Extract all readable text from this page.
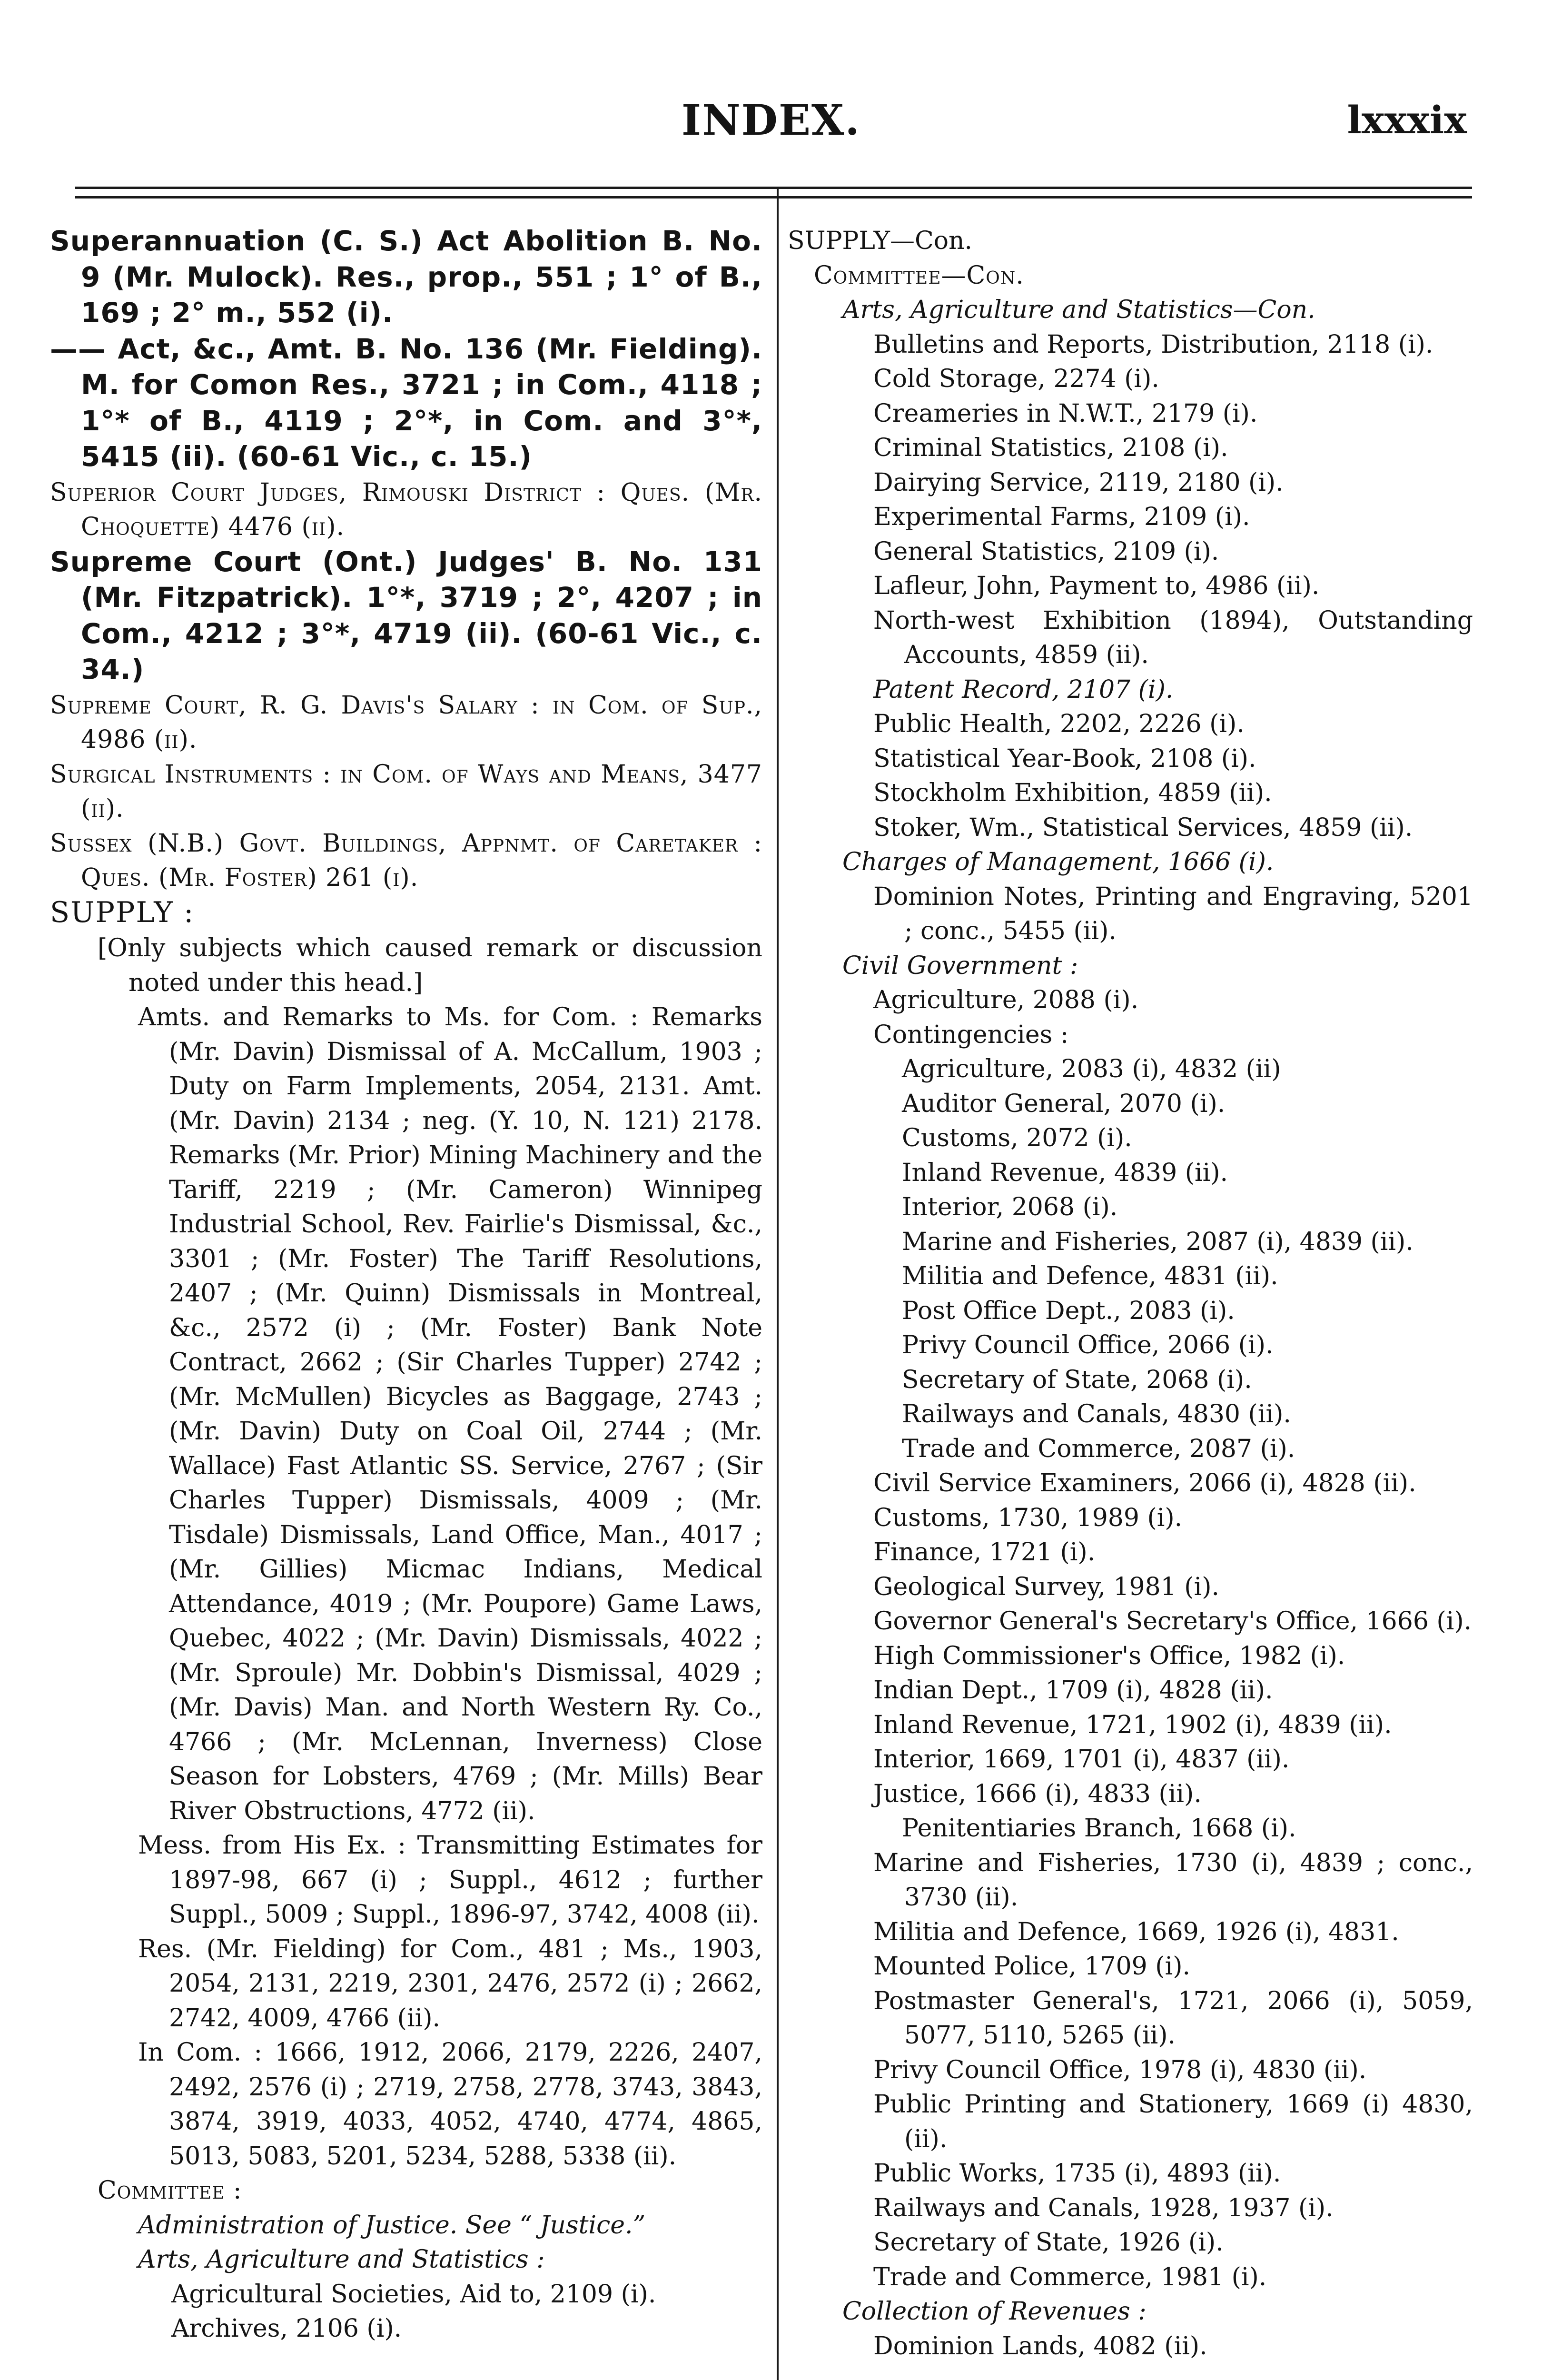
INDEX.	lxxxix
Superannuation (C. S.) Act Abolition B. No. 9 (Mr. Mulock). Res., prop., 551 ; 1° of B., 169 ; 2° m., 552 (i).
—— Act, &c., Amt. B. No. 136 (Mr. Fielding). M. for Comon Res., 3721 ; in Com., 4118 ; 1°* of B., 4119 ; 2°*, in Com. and 3°*, 5415 (ii). (60-61 Vic., c. 15.)
Superior Court Judges, Rimouski District : Ques. (Mr. Choquette) 4476 (ii).
Supreme Court (Ont.) Judges' B. No. 131 (Mr. Fitzpatrick). 1°*, 3719 ; 2°, 4207 ; in Com., 4212 ; 3°*, 4719 (ii). (60-61 Vic., c. 34.)
Supreme Court, R. G. Davis's Salary : in Com. of Sup., 4986 (ii).
Surgical Instruments : in Com. of Ways and Means, 3477 (ii).
Sussex (N.B.) Govt. Buildings, Appnmt. of Caretaker : Ques. (Mr. Foster) 261 (i).
SUPPLY :
[Only subjects which caused remark or discussion noted under this head.]
Amts. and Remarks to Ms. for Com. : Remarks (Mr. Davin) Dismissal of A. McCallum, 1903 ; Duty on Farm Implements, 2054, 2131. Amt. (Mr. Davin) 2134 ; neg. (Y. 10, N. 121) 2178. Remarks (Mr. Prior) Mining Machinery and the Tariff, 2219 ; (Mr. Cameron) Winnipeg Industrial School, Rev. Fairlie's Dismissal, &c., 3301 ; (Mr. Foster) The Tariff Resolutions, 2407 ; (Mr. Quinn) Dismissals in Montreal, &c., 2572 (i) ; (Mr. Foster) Bank Note Contract, 2662 ; (Sir Charles Tupper) 2742 ; (Mr. McMullen) Bicycles as Baggage, 2743 ; (Mr. Davin) Duty on Coal Oil, 2744 ; (Mr. Wallace) Fast Atlantic SS. Service, 2767 ; (Sir Charles Tupper) Dismissals, 4009 ; (Mr. Tisdale) Dismissals, Land Office, Man., 4017 ; (Mr. Gillies) Micmac Indians, Medical Attendance, 4019 ; (Mr. Poupore) Game Laws, Quebec, 4022 ; (Mr. Davin) Dismissals, 4022 ; (Mr. Sproule) Mr. Dobbin's Dismissal, 4029 ; (Mr. Davis) Man. and North Western Ry. Co., 4766 ; (Mr. McLennan, Inverness) Close Season for Lobsters, 4769 ; (Mr. Mills) Bear River Obstructions, 4772 (ii).
Mess. from His Ex. : Transmitting Estimates for 1897-98, 667 (i) ; Suppl., 4612 ; further Suppl., 5009 ; Suppl., 1896-97, 3742, 4008 (ii).
Res. (Mr. Fielding) for Com., 481 ; Ms., 1903, 2054, 2131, 2219, 2301, 2476, 2572 (i) ; 2662, 2742, 4009, 4766 (ii).
In Com. : 1666, 1912, 2066, 2179, 2226, 2407, 2492, 2576 (i) ; 2719, 2758, 2778, 3743, 3843, 3874, 3919, 4033, 4052, 4740, 4774, 4865, 5013, 5083, 5201, 5234, 5288, 5338 (ii).
Committee :
Administration of Justice. See “ Justice.”
Arts, Agriculture and Statistics :
Agricultural Societies, Aid to, 2109 (i).
Archives, 2106 (i).
SUPPLY—Con.
Committee—Con.
Arts, Agriculture and Statistics—Con.
Bulletins and Reports, Distribution, 2118 (i).
Cold Storage, 2274 (i).
Creameries in N.W.T., 2179 (i).
Criminal Statistics, 2108 (i).
Dairying Service, 2119, 2180 (i).
Experimental Farms, 2109 (i).
General Statistics, 2109 (i).
Lafleur, John, Payment to, 4986 (ii).
North-west Exhibition (1894), Outstanding Accounts, 4859 (ii).
Patent Record, 2107 (i).
Public Health, 2202, 2226 (i).
Statistical Year-Book, 2108 (i).
Stockholm Exhibition, 4859 (ii).
Stoker, Wm., Statistical Services, 4859 (ii).
Charges of Management, 1666 (i).
Dominion Notes, Printing and Engraving, 5201 ; conc., 5455 (ii).
Civil Government :
Agriculture, 2088 (i).
Contingencies :
Agriculture, 2083 (i), 4832 (ii)
Auditor General, 2070 (i).
Customs, 2072 (i).
Inland Revenue, 4839 (ii).
Interior, 2068 (i).
Marine and Fisheries, 2087 (i), 4839 (ii).
Militia and Defence, 4831 (ii).
Post Office Dept., 2083 (i).
Privy Council Office, 2066 (i).
Secretary of State, 2068 (i).
Railways and Canals, 4830 (ii).
Trade and Commerce, 2087 (i).
Civil Service Examiners, 2066 (i), 4828 (ii).
Customs, 1730, 1989 (i).
Finance, 1721 (i).
Geological Survey, 1981 (i).
Governor General's Secretary's Office, 1666 (i).
High Commissioner's Office, 1982 (i).
Indian Dept., 1709 (i), 4828 (ii).
Inland Revenue, 1721, 1902 (i), 4839 (ii).
Interior, 1669, 1701 (i), 4837 (ii).
Justice, 1666 (i), 4833 (ii).
Penitentiaries Branch, 1668 (i).
Marine and Fisheries, 1730 (i), 4839 ; conc., 3730 (ii).
Militia and Defence, 1669, 1926 (i), 4831.
Mounted Police, 1709 (i).
Postmaster General's, 1721, 2066 (i), 5059, 5077, 5110, 5265 (ii).
Privy Council Office, 1978 (i), 4830 (ii).
Public Printing and Stationery, 1669 (i) 4830, (ii).
Public Works, 1735 (i), 4893 (ii).
Railways and Canals, 1928, 1937 (i).
Secretary of State, 1926 (i).
Trade and Commerce, 1981 (i).
Collection of Revenues :
Dominion Lands, 4082 (ii).
